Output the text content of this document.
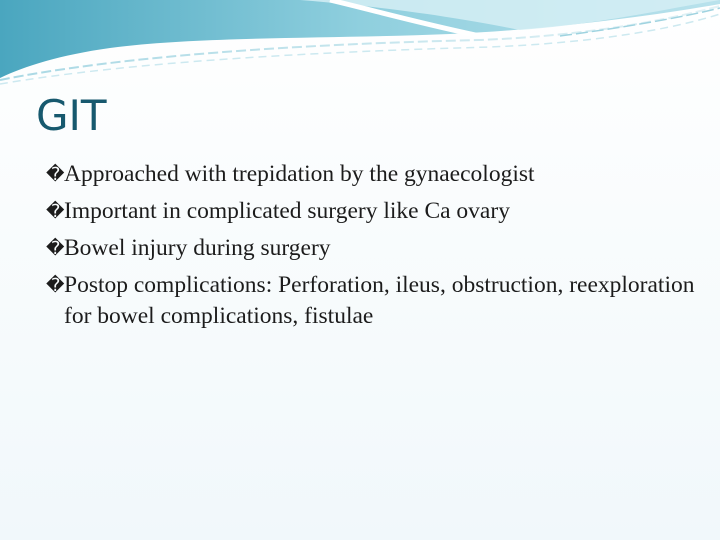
GIT
� Approached with trepidation by the gynaecologist
� Important in complicated surgery like Ca ovary
� Bowel injury during surgery
� Postop complications: Perforation, ileus, obstruction, reexploration for bowel complications, fistulae
